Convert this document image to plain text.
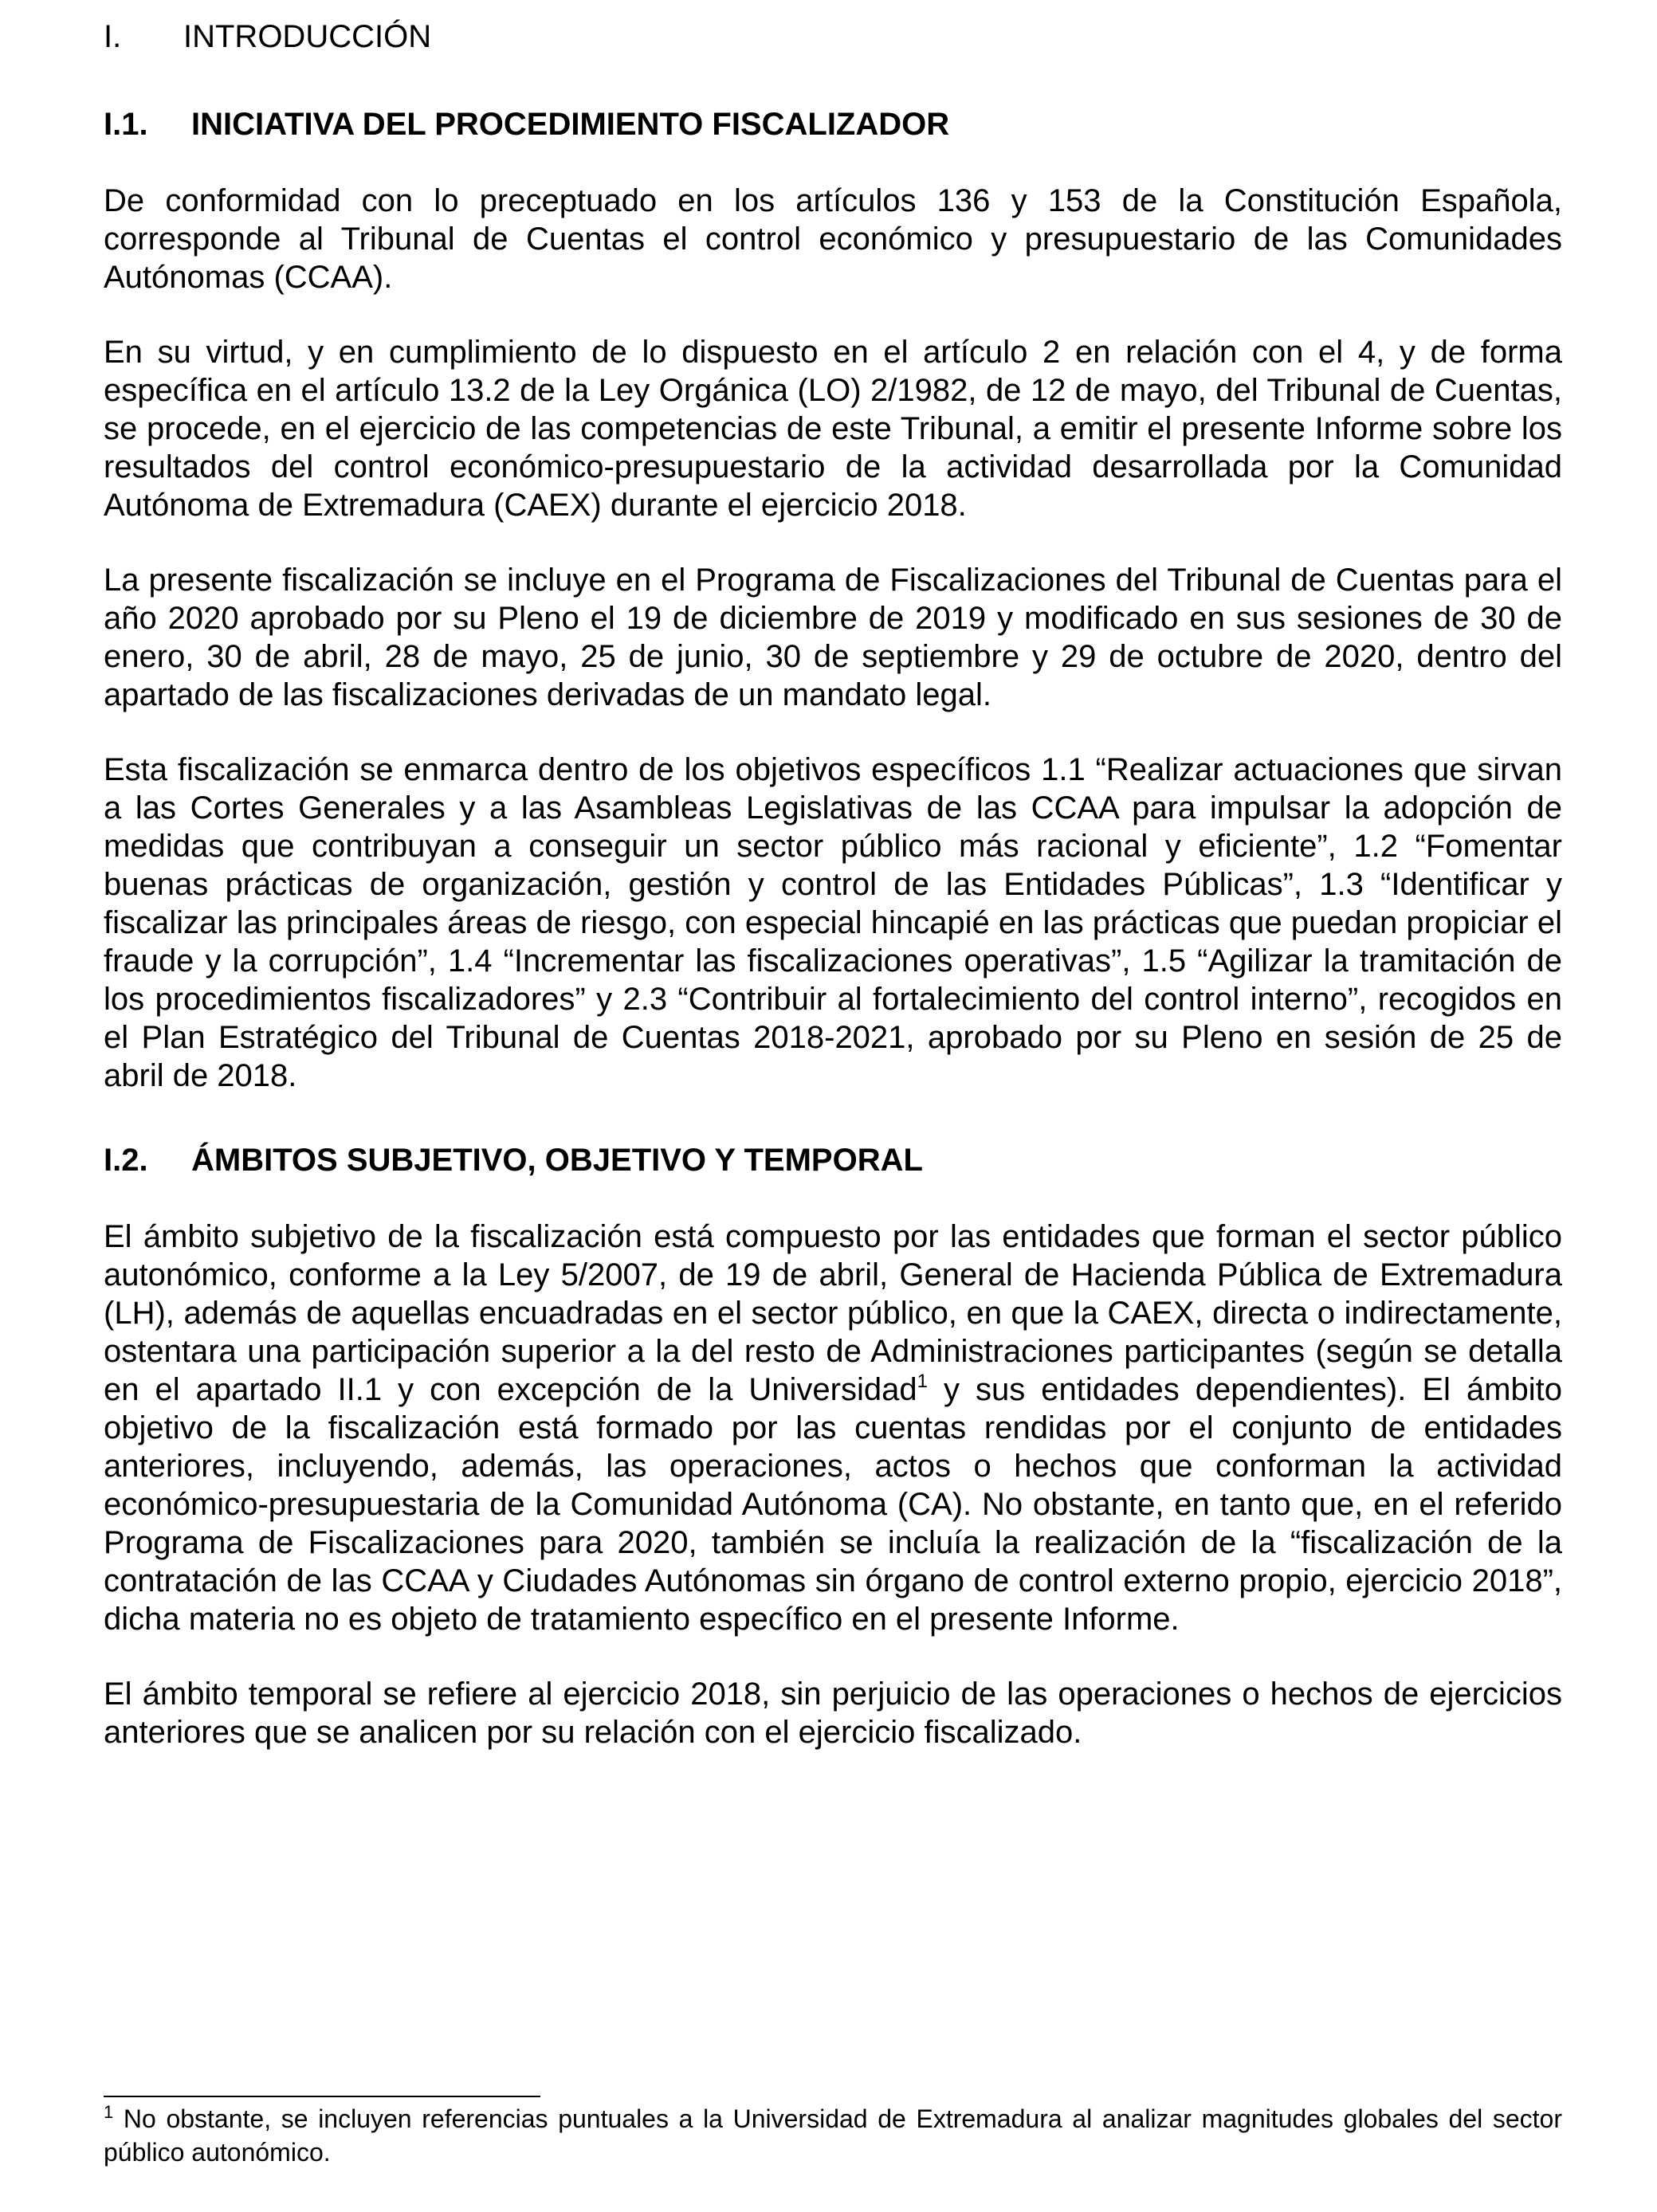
I.	INTRODUCCIÓN
I.1.	INICIATIVA DEL PROCEDIMIENTO FISCALIZADOR

De conformidad con lo preceptuado en los artículos 136 y 153 de la Constitución Española, corresponde al Tribunal de Cuentas el control económico y presupuestario de las Comunidades Autónomas (CCAA).

En su virtud, y en cumplimiento de lo dispuesto en el artículo 2 en relación con el 4, y de forma específica en el artículo 13.2 de la Ley Orgánica (LO) 2/1982, de 12 de mayo, del Tribunal de Cuentas, se procede, en el ejercicio de las competencias de este Tribunal, a emitir el presente Informe sobre los resultados del control económico-presupuestario de la actividad desarrollada por la Comunidad Autónoma de Extremadura (CAEX) durante el ejercicio 2018.

La presente fiscalización se incluye en el Programa de Fiscalizaciones del Tribunal de Cuentas para el año 2020 aprobado por su Pleno el 19 de diciembre de 2019 y modificado en sus sesiones de 30 de enero, 30 de abril, 28 de mayo, 25 de junio, 30 de septiembre y 29 de octubre de 2020, dentro del apartado de las fiscalizaciones derivadas de un mandato legal.

Esta fiscalización se enmarca dentro de los objetivos específicos 1.1 “Realizar actuaciones que sirvan a las Cortes Generales y a las Asambleas Legislativas de las CCAA para impulsar la adopción de medidas que contribuyan a conseguir un sector público más racional y eficiente”, 1.2 “Fomentar buenas prácticas de organización, gestión y control de las Entidades Públicas”, 1.3 “Identificar y fiscalizar las principales áreas de riesgo, con especial hincapié en las prácticas que puedan propiciar el fraude y la corrupción”, 1.4 “Incrementar las fiscalizaciones operativas”, 1.5 “Agilizar la tramitación de los procedimientos fiscalizadores” y 2.3 “Contribuir al fortalecimiento del control interno”, recogidos en el Plan Estratégico del Tribunal de Cuentas 2018-2021, aprobado por su Pleno en sesión de 25 de abril de 2018.

I.2.	ÁMBITOS SUBJETIVO, OBJETIVO Y TEMPORAL

El ámbito subjetivo de la fiscalización está compuesto por las entidades que forman el sector público autonómico, conforme a la Ley 5/2007, de 19 de abril, General de Hacienda Pública de Extremadura (LH), además de aquellas encuadradas en el sector público, en que la CAEX, directa o indirectamente, ostentara una participación superior a la del resto de Administraciones participantes (según se detalla en el apartado II.1 y con excepción de la Universidad$^1$ y sus entidades dependientes). El ámbito objetivo de la fiscalización está formado por las cuentas rendidas por el conjunto de entidades anteriores, incluyendo, además, las operaciones, actos o hechos que conforman la actividad económico-presupuestaria de la Comunidad Autónoma (CA). No obstante, en tanto que, en el referido Programa de Fiscalizaciones para 2020, también se incluía la realización de la “fiscalización de la contratación de las CCAA y Ciudades Autónomas sin órgano de control externo propio, ejercicio 2018”, dicha materia no es objeto de tratamiento específico en el presente Informe.

El ámbito temporal se refiere al ejercicio 2018, sin perjuicio de las operaciones o hechos de ejercicios anteriores que se analicen por su relación con el ejercicio fiscalizado.

$^1$ No obstante, se incluyen referencias puntuales a la Universidad de Extremadura al analizar magnitudes globales del sector público autonómico.
